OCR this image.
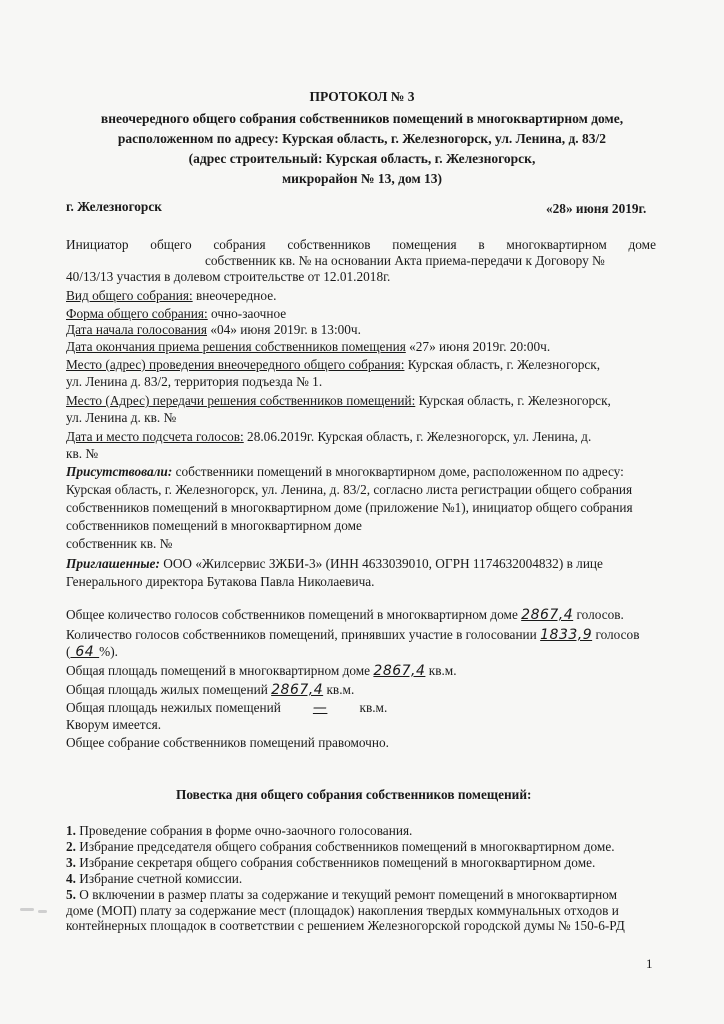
ПРОТОКОЛ № 3
внеочередного общего собрания собственников помещений в многоквартирном доме,
расположенном по адресу: Курская область, г. Железногорск, ул. Ленина, д. 83/2
(адрес строительный: Курская область, г. Железногорск,
микрорайон № 13, дом 13)
г. Железногорск	«28» июня 2019г.
Инициатор общего собрания собственников помещения в многоквартирном доме
собственник кв. № на основании Акта приема-передачи к Договору №
40/13/13 участия в долевом строительстве от 12.01.2018г.
Вид общего собрания: внеочередное.
Форма общего собрания: очно-заочное
Дата начала голосования «04» июня 2019г. в 13:00ч.
Дата окончания приема решения собственников помещения «27» июня 2019г. 20:00ч.
Место (адрес) проведения внеочередного общего собрания: Курская область, г. Железногорск,
ул. Ленина д. 83/2, территория подъезда № 1.
Место (Адрес) передачи решения собственников помещений: Курская область, г. Железногорск,
ул. Ленина д. кв. №
Дата и место подсчета голосов: 28.06.2019г. Курская область, г. Железногорск, ул. Ленина, д.
кв. №
Присутствовали: собственники помещений в многоквартирном доме, расположенном по адресу:
Курская область, г. Железногорск, ул. Ленина, д. 83/2, согласно листа регистрации общего собрания
собственников помещений в многоквартирном доме (приложение №1), инициатор общего собрания
собственников помещений в многоквартирном доме
собственник кв. №
Приглашенные: ООО «Жилсервис ЗЖБИ-3» (ИНН 4633039010, ОГРН 1174632004832) в лице
Генерального директора Бутакова Павла Николаевича.
Общее количество голосов собственников помещений в многоквартирном доме 2867,4 голосов.
Количество голосов собственников помещений, принявших участие в голосовании 1833,9 голосов
( 64 %).
Общая площадь помещений в многоквартирном доме 2867,4 кв.м.
Общая площадь жилых помещений 2867,4 кв.м.
Общая площадь нежилых помещений — кв.м.
Кворум имеется.
Общее собрание собственников помещений правомочно.
Повестка дня общего собрания собственников помещений:
1. Проведение собрания в форме очно-заочного голосования.
2. Избрание председателя общего собрания собственников помещений в многоквартирном доме.
3. Избрание секретаря общего собрания собственников помещений в многоквартирном доме.
4. Избрание счетной комиссии.
5. О включении в размер платы за содержание и текущий ремонт помещений в многоквартирном
доме (МОП) плату за содержание мест (площадок) накопления твердых коммунальных отходов и
контейнерных площадок в соответствии с решением Железногорской городской думы № 150-6-РД
1
